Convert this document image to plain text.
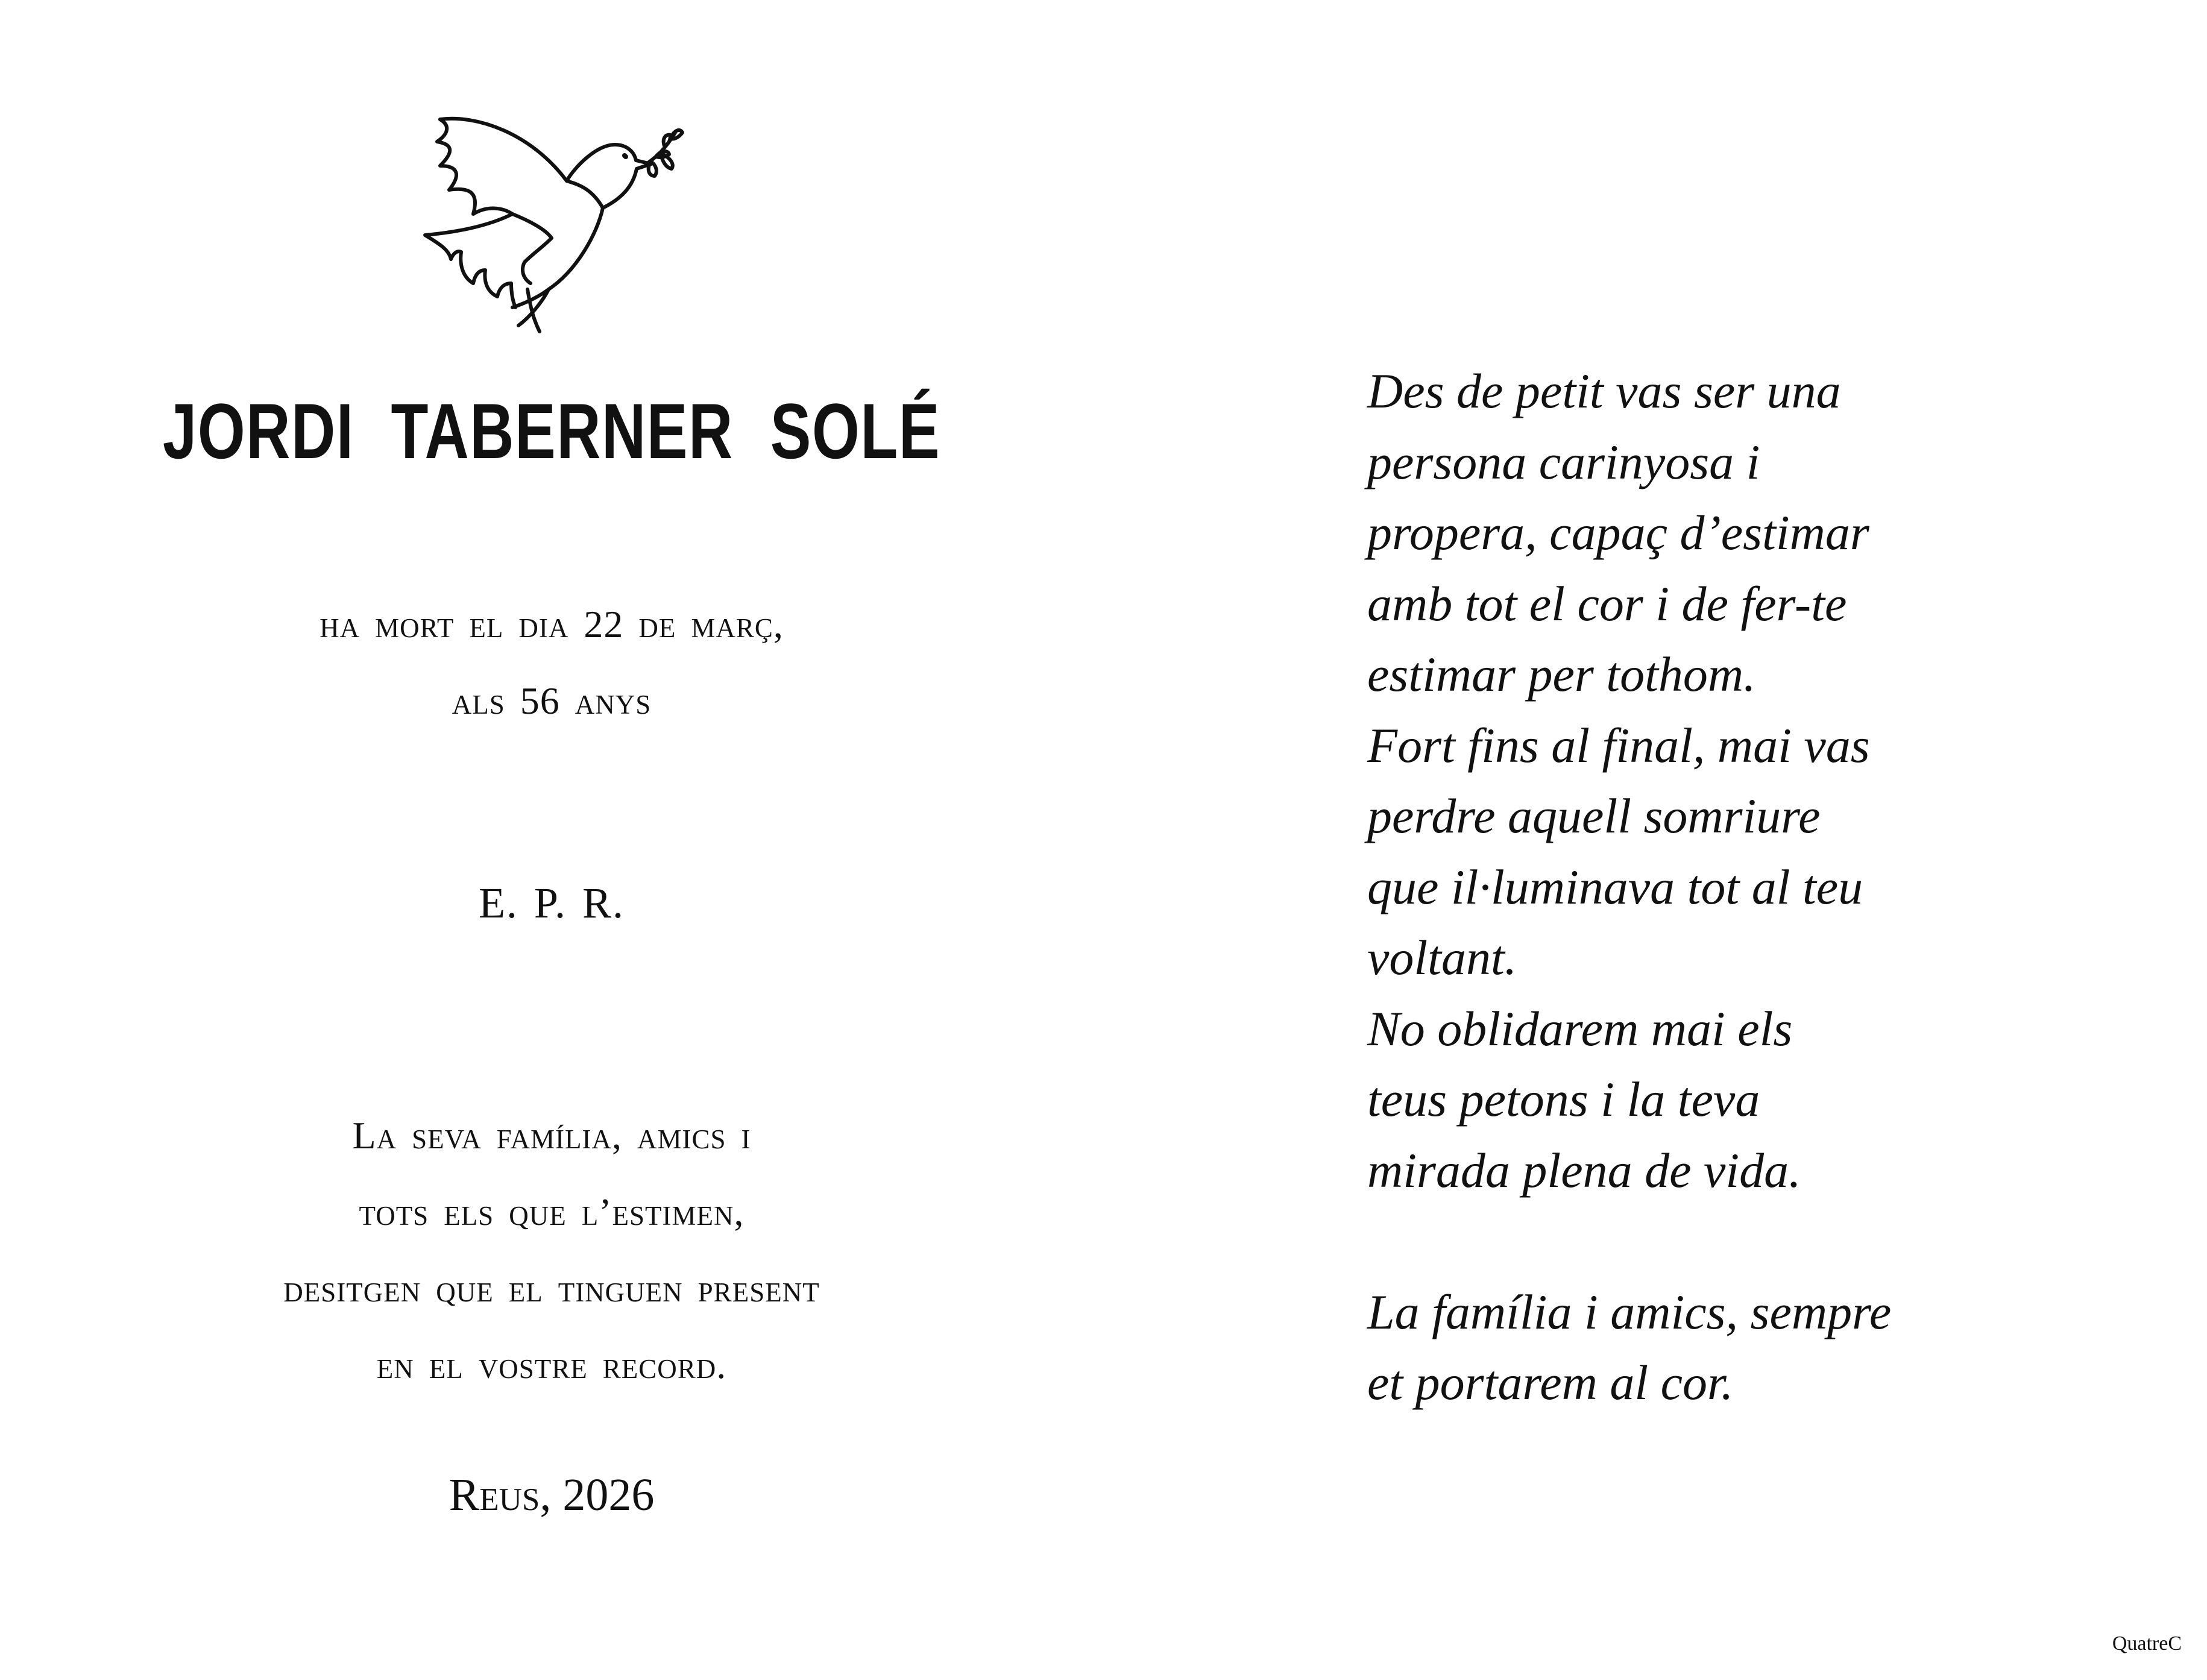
JORDI TABERNER SOLÉ
ha mort el dia 22 de març,
als 56 anys
E. P. R.
La seva família, amics i
tots els que l’estimen,
desitgen que el tinguen present
en el vostre record.
Reus, 2026
Des de petit vas ser una
persona carinyosa i
propera, capaç d’estimar
amb tot el cor i de fer-te
estimar per tothom.
Fort fins al final, mai vas
perdre aquell somriure
que il·luminava tot al teu
voltant.
No oblidarem mai els
teus petons i la teva
mirada plena de vida.
La família i amics, sempre
et portarem al cor.
QuatreC
